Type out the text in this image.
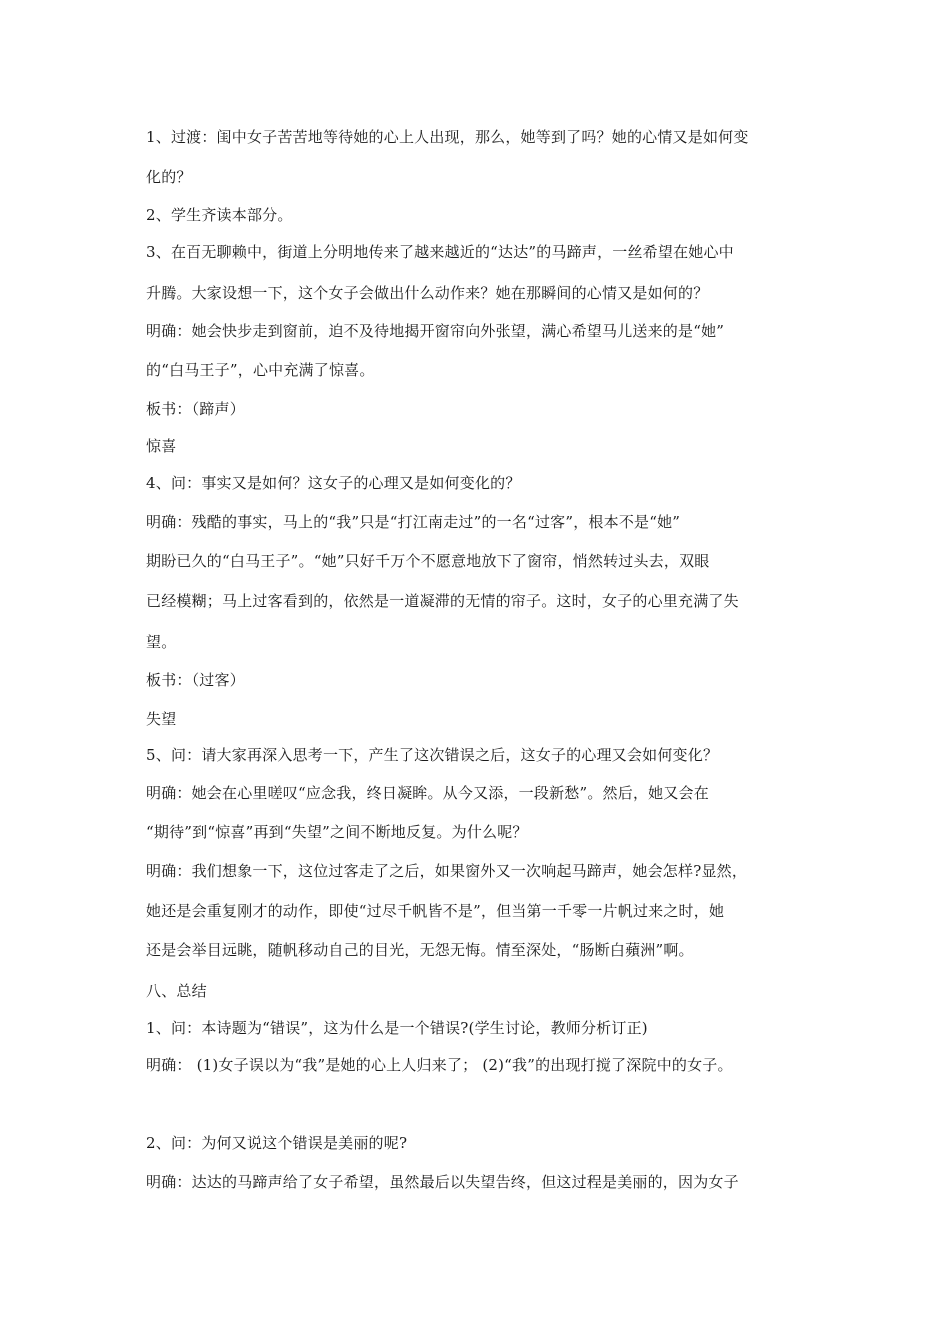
1、过渡：闺中女子苦苦地等待她的心上人出现，那么，她等到了吗？她的心情又是如何变
化的？
2、学生齐读本部分。
3、在百无聊赖中，街道上分明地传来了越来越近的“达达”的马蹄声，一丝希望在她心中
升腾。大家设想一下，这个女子会做出什么动作来？她在那瞬间的心情又是如何的？
明确：她会快步走到窗前，迫不及待地揭开窗帘向外张望，满心希望马儿送来的是“她”
的“白马王子”，心中充满了惊喜。
板书：（蹄声）
惊喜
4、问：事实又是如何？这女子的心理又是如何变化的？
明确：残酷的事实，马上的“我”只是“打江南走过”的一名“过客”，根本不是“她”
期盼已久的“白马王子”。“她”只好千万个不愿意地放下了窗帘，悄然转过头去，双眼
已经模糊；马上过客看到的，依然是一道凝滞的无情的帘子。这时，女子的心里充满了失
望。
板书：（过客）
失望
5、问：请大家再深入思考一下，产生了这次错误之后，这女子的心理又会如何变化？
明确：她会在心里嗟叹“应念我，终日凝眸。从今又添，一段新愁”。然后，她又会在
“期待”到“惊喜”再到“失望”之间不断地反复。为什么呢？
明确：我们想象一下，这位过客走了之后，如果窗外又一次响起马蹄声，她会怎样?显然，
她还是会重复刚才的动作，即使“过尽千帆皆不是”，但当第一千零一片帆过来之时，她
还是会举目远眺，随帆移动自己的目光，无怨无悔。情至深处，“肠断白蘋洲”啊。
八、总结
1、问：本诗题为“错误”，这为什么是一个错误?(学生讨论，教师分析订正)
明确： (1)女子误以为“我”是她的心上人归来了； (2)“我”的出现打搅了深院中的女子。
2、问：为何又说这个错误是美丽的呢?
明确：达达的马蹄声给了女子希望，虽然最后以失望告终，但这过程是美丽的，因为女子
